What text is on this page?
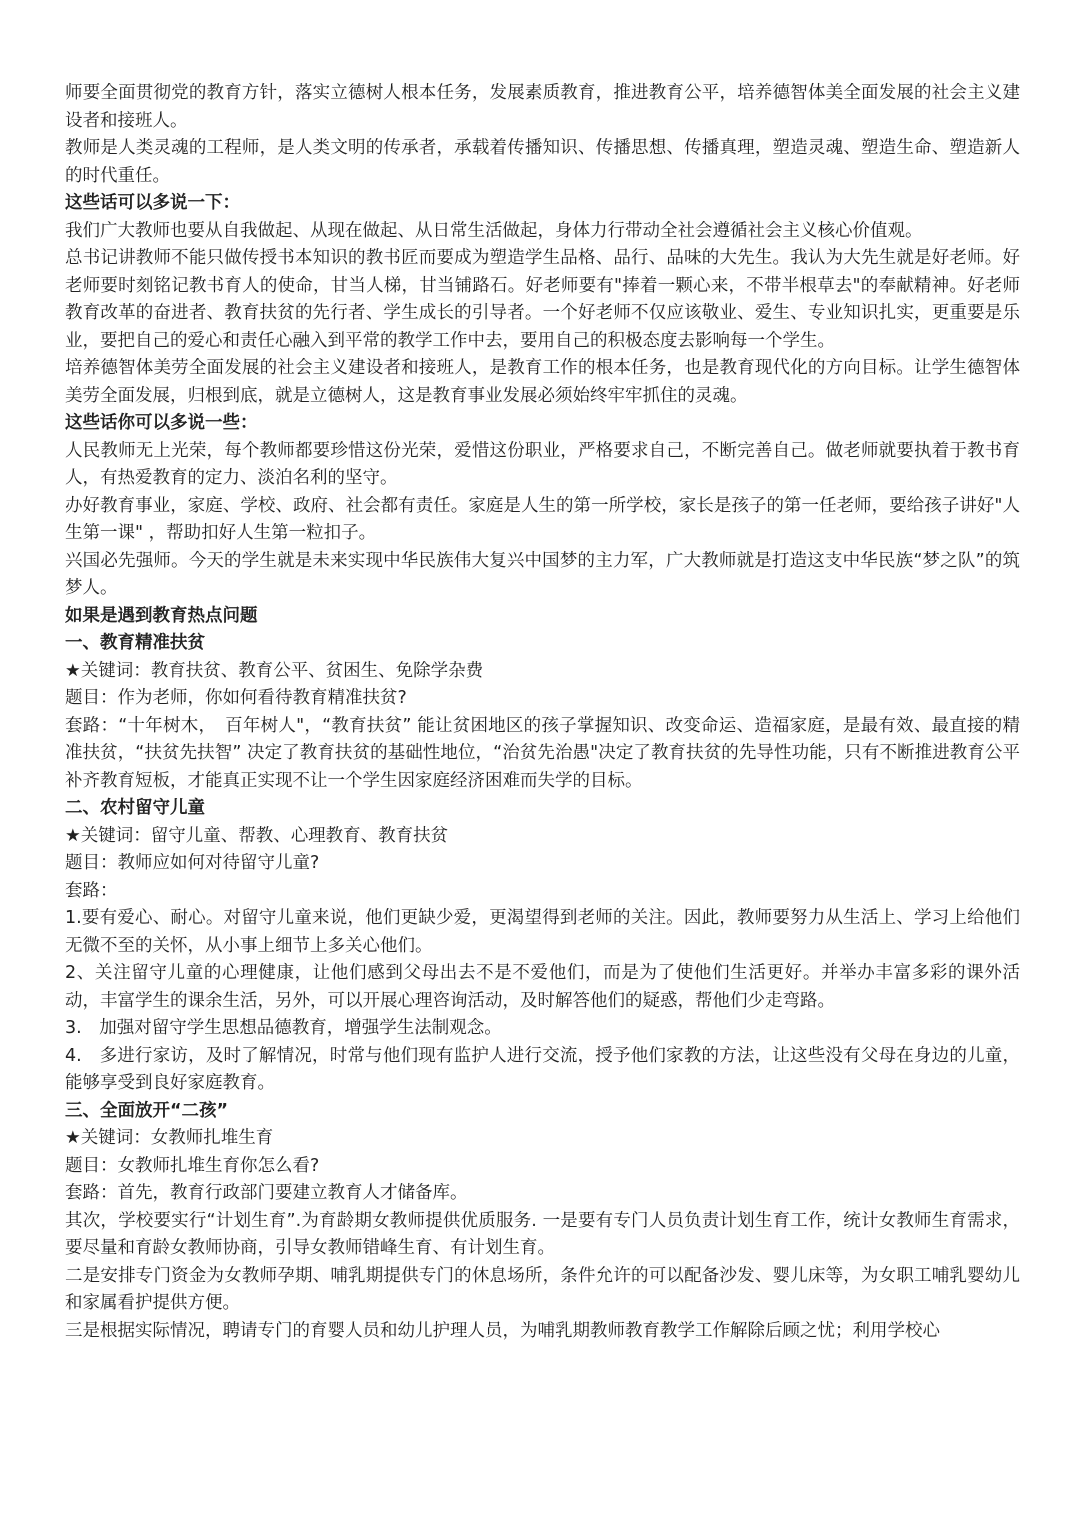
师要全面贯彻党的教育方针，落实立德树人根本任务，发展素质教育，推进教育公平，培养德智体美全面发展的社会主义建设者和接班人。

教师是人类灵魂的工程师，是人类文明的传承者，承载着传播知识、传播思想、传播真理，塑造灵魂、塑造生命、塑造新人的时代重任。

这些话可以多说一下：

我们广大教师也要从自我做起、从现在做起、从日常生活做起，身体力行带动全社会遵循社会主义核心价值观。

总书记讲教师不能只做传授书本知识的教书匠而要成为塑造学生品格、品行、品味的大先生。我认为大先生就是好老师。好老师要时刻铭记教书育人的使命，甘当人梯，甘当铺路石。好老师要有"捧着一颗心来，不带半根草去"的奉献精神。好老师教育改革的奋进者、教育扶贫的先行者、学生成长的引导者。一个好老师不仅应该敬业、爱生、专业知识扎实，更重要是乐业，要把自己的爱心和责任心融入到平常的教学工作中去，要用自己的积极态度去影响每一个学生。

培养德智体美劳全面发展的社会主义建设者和接班人，是教育工作的根本任务，也是教育现代化的方向目标。让学生德智体美劳全面发展，归根到底，就是立德树人，这是教育事业发展必须始终牢牢抓住的灵魂。

这些话你可以多说一些：

人民教师无上光荣，每个教师都要珍惜这份光荣，爱惜这份职业，严格要求自己，不断完善自己。做老师就要执着于教书育人，有热爱教育的定力、淡泊名利的坚守。

办好教育事业，家庭、学校、政府、社会都有责任。家庭是人生的第一所学校，家长是孩子的第一任老师，要给孩子讲好"人生第一课" ，帮助扣好人生第一粒扣子。

兴国必先强师。今天的学生就是未来实现中华民族伟大复兴中国梦的主力军，广大教师就是打造这支中华民族“梦之队”的筑梦人。

如果是遇到教育热点问题

一、教育精准扶贫

★关键词：教育扶贫、教育公平、贫困生、免除学杂费

题目：作为老师，你如何看待教育精准扶贫?

套路：“十年树木，　百年树人"，“教育扶贫” 能让贫困地区的孩子掌握知识、改变命运、造福家庭，是最有效、最直接的精准扶贫，“扶贫先扶智” 决定了教育扶贫的基础性地位，“治贫先治愚"决定了教育扶贫的先导性功能，只有不断推进教育公平补齐教育短板，才能真正实现不让一个学生因家庭经济困难而失学的目标。

二、农村留守儿童

★关键词：留守儿童、帮教、心理教育、教育扶贫

题目：教师应如何对待留守儿童?

套路：

1.要有爱心、耐心。对留守儿童来说，他们更缺少爱，更渴望得到老师的关注。因此，教师要努力从生活上、学习上给他们无微不至的关怀，从小事上细节上多关心他们。

2、关注留守儿童的心理健康，让他们感到父母出去不是不爱他们，而是为了使他们生活更好。并举办丰富多彩的课外活动，丰富学生的课余生活，另外，可以开展心理咨询活动，及时解答他们的疑惑，帮他们少走弯路。

3.　加强对留守学生思想品德教育，增强学生法制观念。

4.　多进行家访，及时了解情况，时常与他们现有监护人进行交流，授予他们家教的方法，让这些没有父母在身边的儿童，能够享受到良好家庭教育。

三、全面放开“二孩”

★关键词：女教师扎堆生育

题目：女教师扎堆生育你怎么看?

套路：首先，教育行政部门要建立教育人才储备库。

其次，学校要实行“计划生育”.为育龄期女教师提供优质服务. 一是要有专门人员负责计划生育工作，统计女教师生育需求，要尽量和育龄女教师协商，引导女教师错峰生育、有计划生育。

二是安排专门资金为女教师孕期、哺乳期提供专门的休息场所，条件允许的可以配备沙发、婴儿床等，为女职工哺乳婴幼儿和家属看护提供方便。

三是根据实际情况，聘请专门的育婴人员和幼儿护理人员，为哺乳期教师教育教学工作解除后顾之忧；利用学校心
